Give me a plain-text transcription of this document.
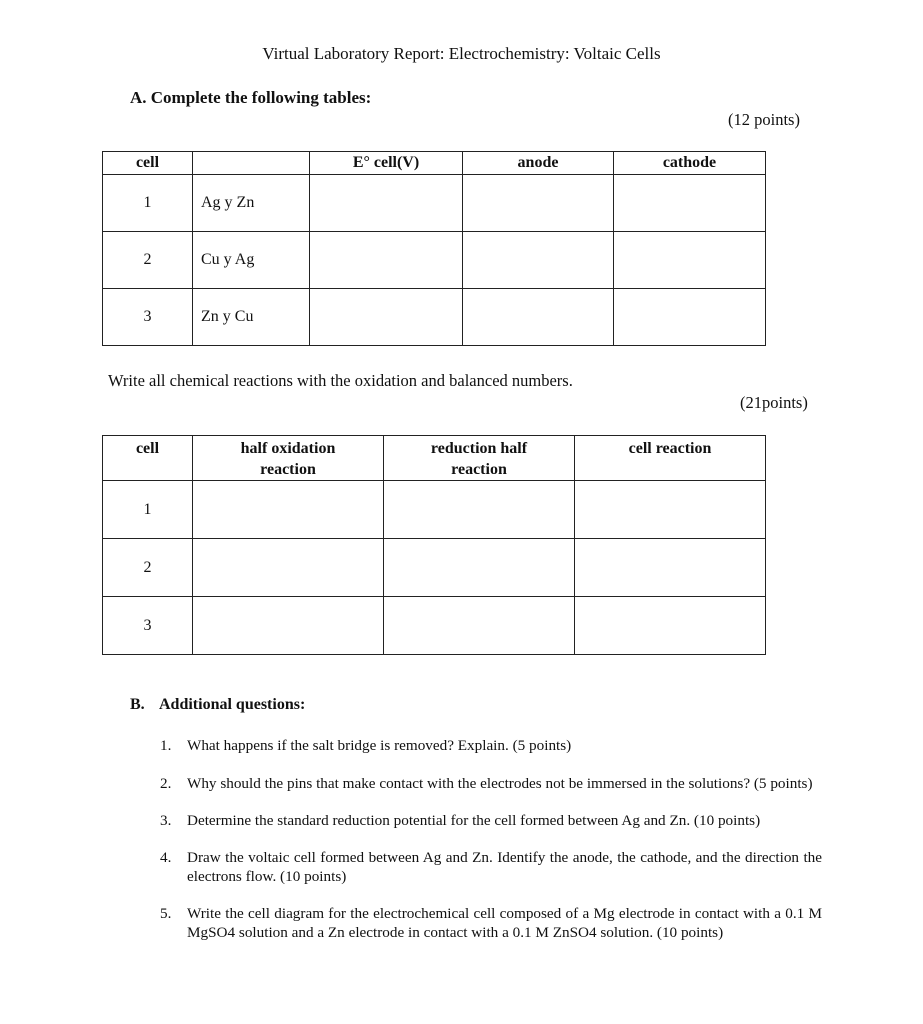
Virtual Laboratory Report: Electrochemistry: Voltaic Cells
A. Complete the following tables:
(12 points)
cell		E° cell(V)	anode	cathode
1	Ag y Zn			
2	Cu y Ag			
3	Zn y Cu			
Write all chemical reactions with the oxidation and balanced numbers.
(21points)
cell	half oxidation reaction	reduction half reaction	cell reaction
1			
2			
3			
B. Additional questions:
1. What happens if the salt bridge is removed? Explain. (5 points)
2. Why should the pins that make contact with the electrodes not be immersed in the solutions? (5 points)
3. Determine the standard reduction potential for the cell formed between Ag and Zn. (10 points)
4. Draw the voltaic cell formed between Ag and Zn. Identify the anode, the cathode, and the direction the electrons flow. (10 points)
5. Write the cell diagram for the electrochemical cell composed of a Mg electrode in contact with a 0.1 M MgSO4 solution and a Zn electrode in contact with a 0.1 M ZnSO4 solution. (10 points)
